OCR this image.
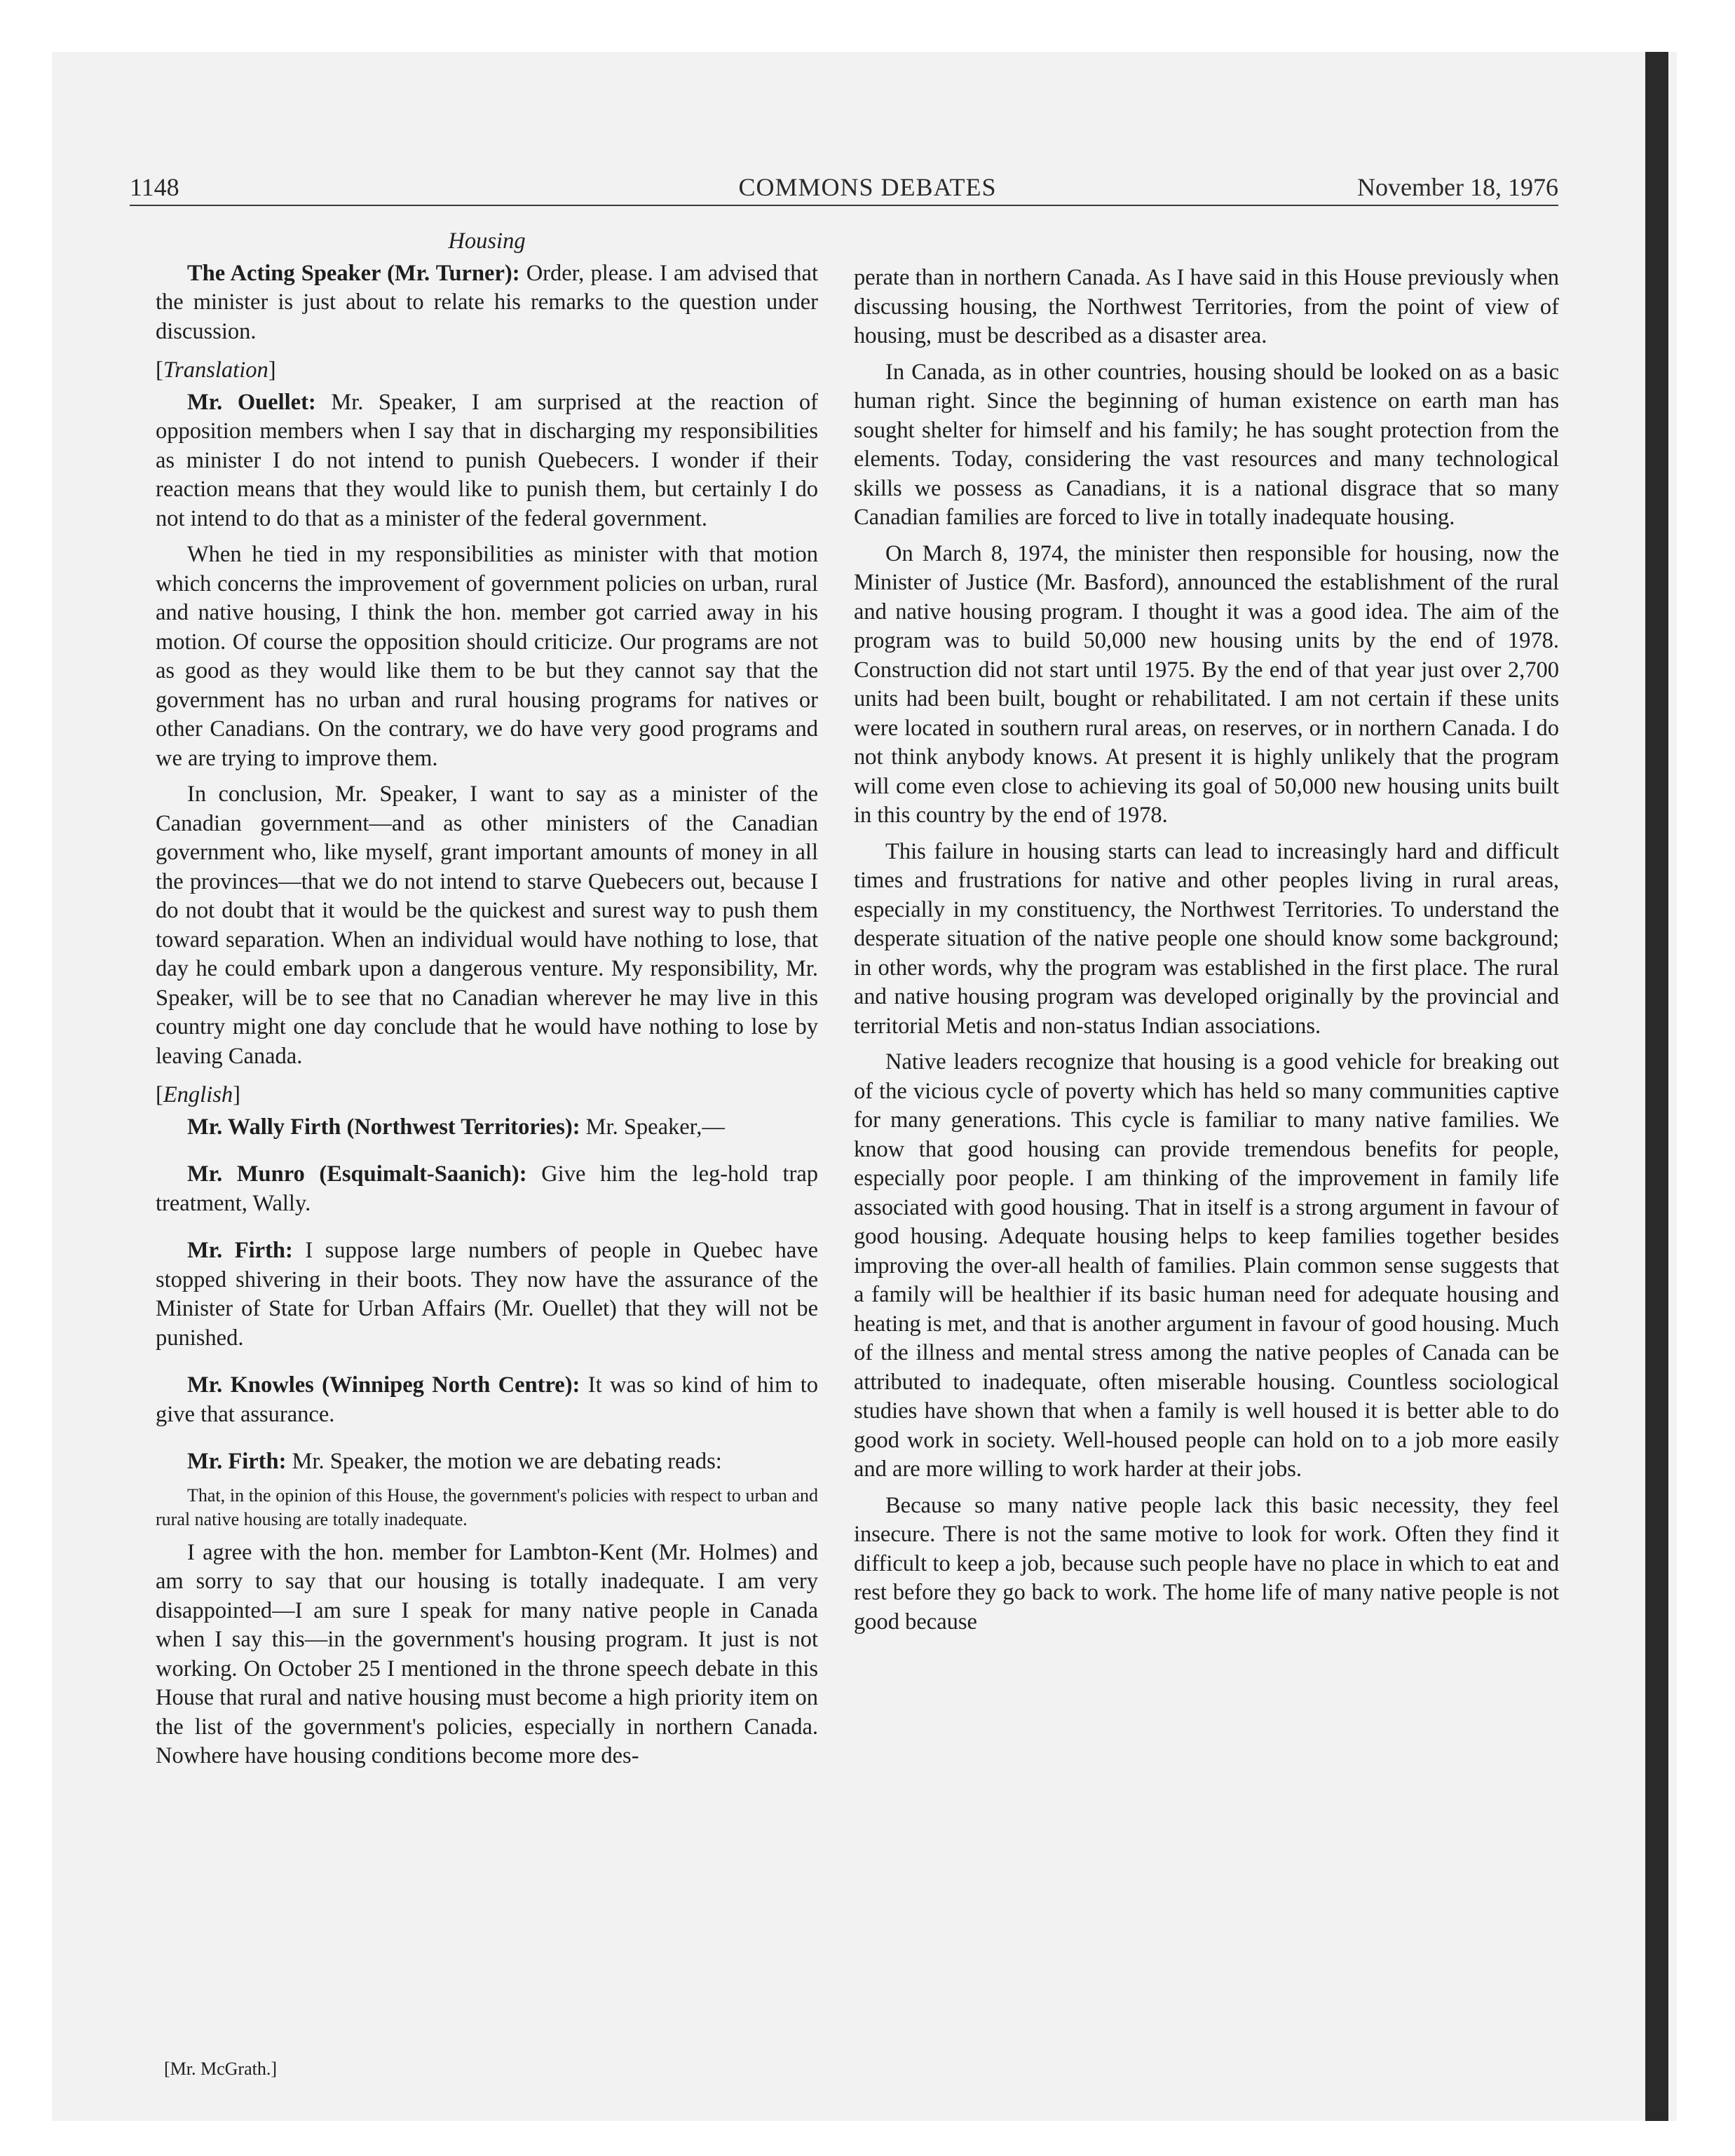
1148	COMMONS DEBATES	November 18, 1976
Housing

The Acting Speaker (Mr. Turner): Order, please. I am advised that the minister is just about to relate his remarks to the question under discussion.

[Translation]

Mr. Ouellet: Mr. Speaker, I am surprised at the reaction of opposition members when I say that in discharging my responsibilities as minister I do not intend to punish Quebecers. I wonder if their reaction means that they would like to punish them, but certainly I do not intend to do that as a minister of the federal government.

When he tied in my responsibilities as minister with that motion which concerns the improvement of government policies on urban, rural and native housing, I think the hon. member got carried away in his motion. Of course the opposition should criticize. Our programs are not as good as they would like them to be but they cannot say that the government has no urban and rural housing programs for natives or other Canadians. On the contrary, we do have very good programs and we are trying to improve them.

In conclusion, Mr. Speaker, I want to say as a minister of the Canadian government—and as other ministers of the Canadian government who, like myself, grant important amounts of money in all the provinces—that we do not intend to starve Quebecers out, because I do not doubt that it would be the quickest and surest way to push them toward separation. When an individual would have nothing to lose, that day he could embark upon a dangerous venture. My responsibility, Mr. Speaker, will be to see that no Canadian wherever he may live in this country might one day conclude that he would have nothing to lose by leaving Canada.

[English]

Mr. Wally Firth (Northwest Territories): Mr. Speaker,—

Mr. Munro (Esquimalt-Saanich): Give him the leg-hold trap treatment, Wally.

Mr. Firth: I suppose large numbers of people in Quebec have stopped shivering in their boots. They now have the assurance of the Minister of State for Urban Affairs (Mr. Ouellet) that they will not be punished.

Mr. Knowles (Winnipeg North Centre): It was so kind of him to give that assurance.

Mr. Firth: Mr. Speaker, the motion we are debating reads:

That, in the opinion of this House, the government's policies with respect to urban and rural native housing are totally inadequate.

I agree with the hon. member for Lambton-Kent (Mr. Holmes) and am sorry to say that our housing is totally inadequate. I am very disappointed—I am sure I speak for many native people in Canada when I say this—in the government's housing program. It just is not working. On October 25 I mentioned in the throne speech debate in this House that rural and native housing must become a high priority item on the list of the government's policies, especially in northern Canada. Nowhere have housing conditions become more des-

[Mr. McGrath.]

perate than in northern Canada. As I have said in this House previously when discussing housing, the Northwest Territories, from the point of view of housing, must be described as a disaster area.

In Canada, as in other countries, housing should be looked on as a basic human right. Since the beginning of human existence on earth man has sought shelter for himself and his family; he has sought protection from the elements. Today, considering the vast resources and many technological skills we possess as Canadians, it is a national disgrace that so many Canadian families are forced to live in totally inadequate housing.

On March 8, 1974, the minister then responsible for housing, now the Minister of Justice (Mr. Basford), announced the establishment of the rural and native housing program. I thought it was a good idea. The aim of the program was to build 50,000 new housing units by the end of 1978. Construction did not start until 1975. By the end of that year just over 2,700 units had been built, bought or rehabilitated. I am not certain if these units were located in southern rural areas, on reserves, or in northern Canada. I do not think anybody knows. At present it is highly unlikely that the program will come even close to achieving its goal of 50,000 new housing units built in this country by the end of 1978.

This failure in housing starts can lead to increasingly hard and difficult times and frustrations for native and other peoples living in rural areas, especially in my constituency, the Northwest Territories. To understand the desperate situation of the native people one should know some background; in other words, why the program was established in the first place. The rural and native housing program was developed originally by the provincial and territorial Metis and non-status Indian associations.

Native leaders recognize that housing is a good vehicle for breaking out of the vicious cycle of poverty which has held so many communities captive for many generations. This cycle is familiar to many native families. We know that good housing can provide tremendous benefits for people, especially poor people. I am thinking of the improvement in family life associated with good housing. That in itself is a strong argument in favour of good housing. Adequate housing helps to keep families together besides improving the over-all health of families. Plain common sense suggests that a family will be healthier if its basic human need for adequate housing and heating is met, and that is another argument in favour of good housing. Much of the illness and mental stress among the native peoples of Canada can be attributed to inadequate, often miserable housing. Countless sociological studies have shown that when a family is well housed it is better able to do good work in society. Well-housed people can hold on to a job more easily and are more willing to work harder at their jobs.

Because so many native people lack this basic necessity, they feel insecure. There is not the same motive to look for work. Often they find it difficult to keep a job, because such people have no place in which to eat and rest before they go back to work. The home life of many native people is not good because
